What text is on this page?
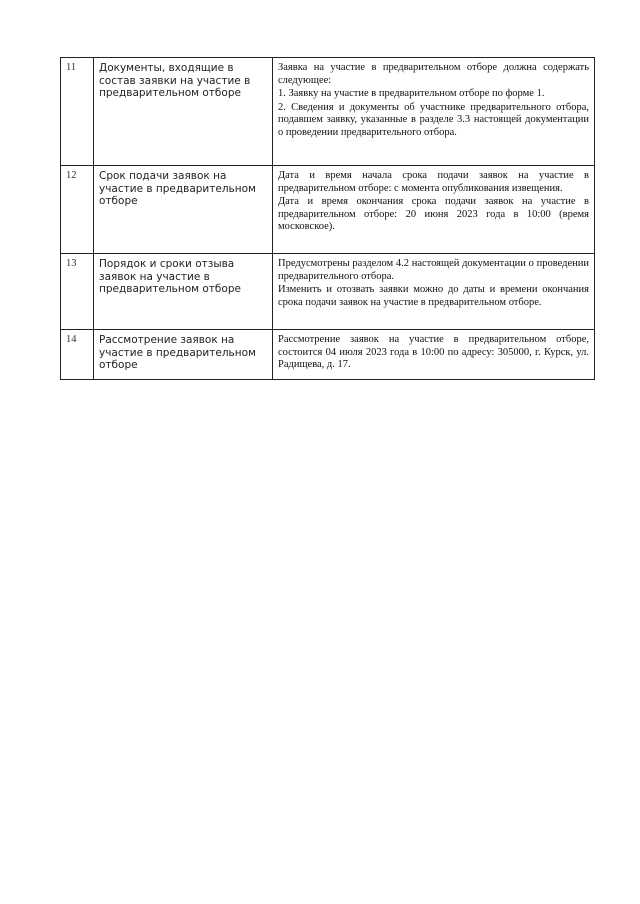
11	Документы, входящие в состав заявки на участие в предварительном отборе	Заявка на участие в предварительном отборе должна содержать следующее:

1. Заявку на участие в предварительном отборе по форме 1.

2. Сведения и документы об участнике предварительного отбора, подавшем заявку, указанные в разделе 3.3 настоящей документации о проведении предварительного отбора.

12	Срок подачи заявок на участие в предварительном отборе	Дата и время начала срока подачи заявок на участие в предварительном отборе: с момента опубликования извещения.

Дата и время окончания срока подачи заявок на участие в предварительном отборе: 20 июня 2023 года в 10:00 (время московское).

13	Порядок и сроки отзыва заявок на участие в предварительном отборе	Предусмотрены разделом 4.2 настоящей документации о проведении предварительного отбора.

Изменить и отозвать заявки можно до даты и времени окончания срока подачи заявок на участие в предварительном отборе.

14	Рассмотрение заявок на участие в предварительном отборе	Рассмотрение заявок на участие в предварительном отборе, состоится 04 июля 2023 года в 10:00 по адресу: 305000, г. Курск, ул. Радищева, д. 17.
